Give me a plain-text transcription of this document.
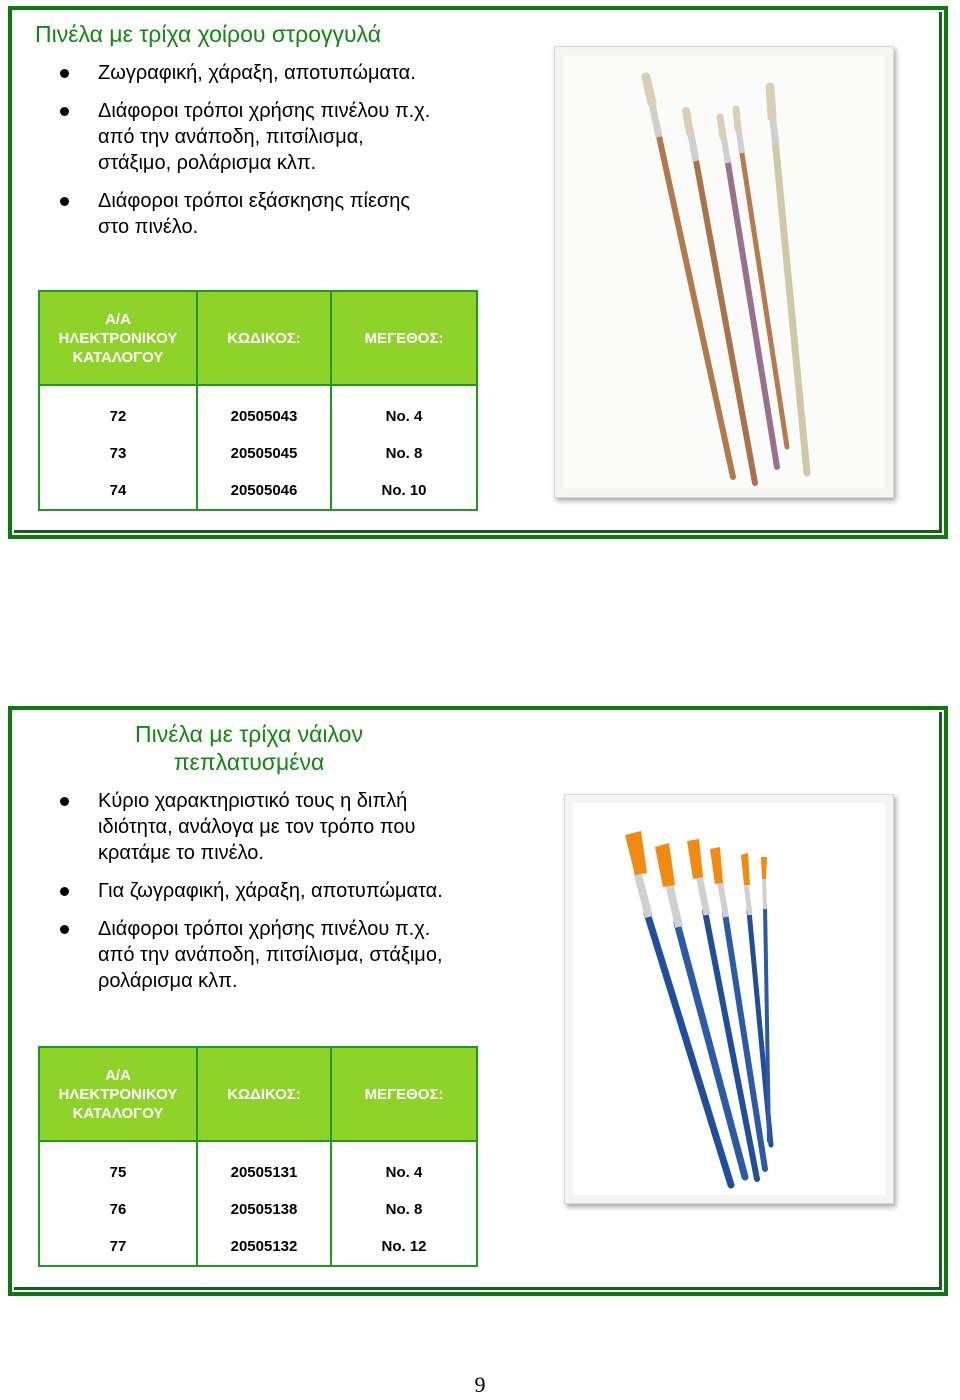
Πινέλα με τρίχα χοίρου στρογγυλά
Ζωγραφική, χάραξη, αποτυπώματα.
Διάφοροι τρόποι χρήσης πινέλου π.χ. από την ανάποδη, πιτσίλισμα, στάξιμο, ρολάρισμα κλπ.
Διάφοροι τρόποι εξάσκησης πίεσης στο πινέλο.
Α/Α ΗΛΕΚΤΡΟΝΙΚΟΥ ΚΑΤΑΛΟΓΟΥ	ΚΩΔΙΚΟΣ:	ΜΕΓΕΘΟΣ:
72	20505043	No. 4
73	20505045	No. 8
74	20505046	No. 10
Πινέλα με τρίχα νάιλον πεπλατυσμένα
Κύριο χαρακτηριστικό τους η διπλή ιδιότητα, ανάλογα με τον τρόπο που κρατάμε το πινέλο.
Για ζωγραφική, χάραξη, αποτυπώματα.
Διάφοροι τρόποι χρήσης πινέλου π.χ. από την ανάποδη, πιτσίλισμα, στάξιμο, ρολάρισμα κλπ.
Α/Α ΗΛΕΚΤΡΟΝΙΚΟΥ ΚΑΤΑΛΟΓΟΥ	ΚΩΔΙΚΟΣ:	ΜΕΓΕΘΟΣ:
75	20505131	No. 4
76	20505138	No. 8
77	20505132	No. 12
9
